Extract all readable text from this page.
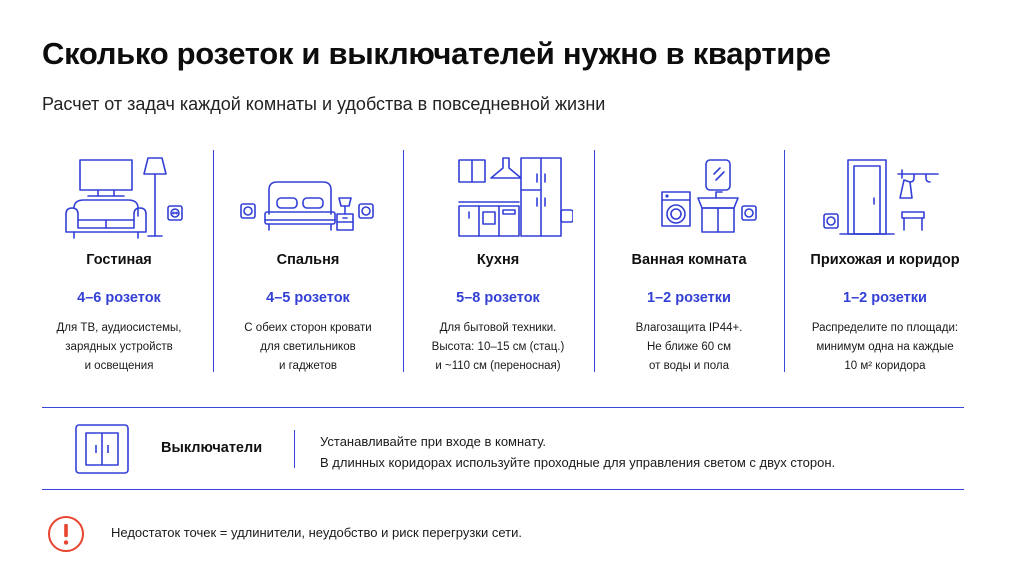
Сколько розеток и выключателей нужно в квартире

Расчет от задач каждой комнаты и удобства в повседневной жизни

Гостиная
4–6 розеток
Для ТВ, аудиосистемы,
зарядных устройств
и освещения
Спальня
4–5 розеток
С обеих сторон кровати
для светильников
и гаджетов
Кухня
5–8 розеток
Для бытовой техники.
Высота: 10–15 см (стац.)
и ~110 см (переносная)
Ванная комната
1–2 розетки
Влагозащита IP44+.
Не ближе 60 см
от воды и пола
Прихожая и коридор
1–2 розетки
Распределите по площади:
минимум одна на каждые
10 м² коридора
Выключатели	Устанавливайте при входе в комнату.
В длинных коридорах используйте проходные для управления светом с двух сторон.
Недостаток точек = удлинители, неудобство и риск перегрузки сети.
